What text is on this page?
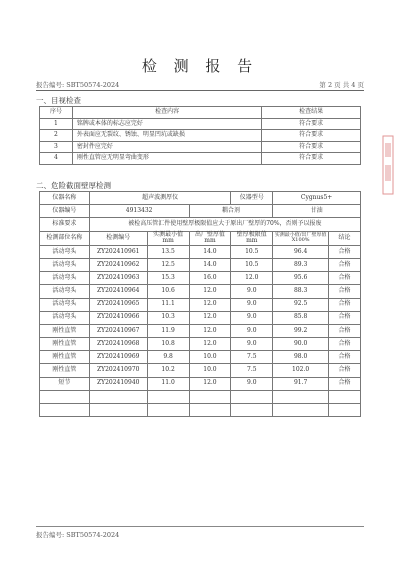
检 测 报 告
报告编号: SBT50574-2024	第 2 页 共 4 页
一、目视检查
序号	检查内容	检查结果
1	铭牌或本体的标志应完好	符合要求
2	外表面应无裂纹、锈蚀、明显凹坑或缺损	符合要求
3	密封件应完好	符合要求
4	刚性直管应无明显弯曲变形	符合要求
二、危险截面壁厚检测
仪器名称	超声波测厚仪			仪器型号	Cygnus5+	
仪器编号	4913432		耦合剂		甘油	
标准要求	被检高压管汇件使用壁厚极限值应大于原出厂壁厚的70%，否则予以报废					
检测部位名称	检测编号	实测最小值mm	出厂壁厚值mm	壁厚极限值mm	实测最小值/出厂壁厚值X100%	结论
活动弯头	ZY202410961	13.5	14.0	10.5	96.4	合格
活动弯头	ZY202410962	12.5	14.0	10.5	89.3	合格
活动弯头	ZY202410963	15.3	16.0	12.0	95.6	合格
活动弯头	ZY202410964	10.6	12.0	9.0	88.3	合格
活动弯头	ZY202410965	11.1	12.0	9.0	92.5	合格
活动弯头	ZY202410966	10.3	12.0	9.0	85.8	合格
刚性直管	ZY202410967	11.9	12.0	9.0	99.2	合格
刚性直管	ZY202410968	10.8	12.0	9.0	90.0	合格
刚性直管	ZY202410969	9.8	10.0	7.5	98.0	合格
刚性直管	ZY202410970	10.2	10.0	7.5	102.0	合格
短节	ZY202410940	11.0	12.0	9.0	91.7	合格

报告编号: SBT50574-2024
